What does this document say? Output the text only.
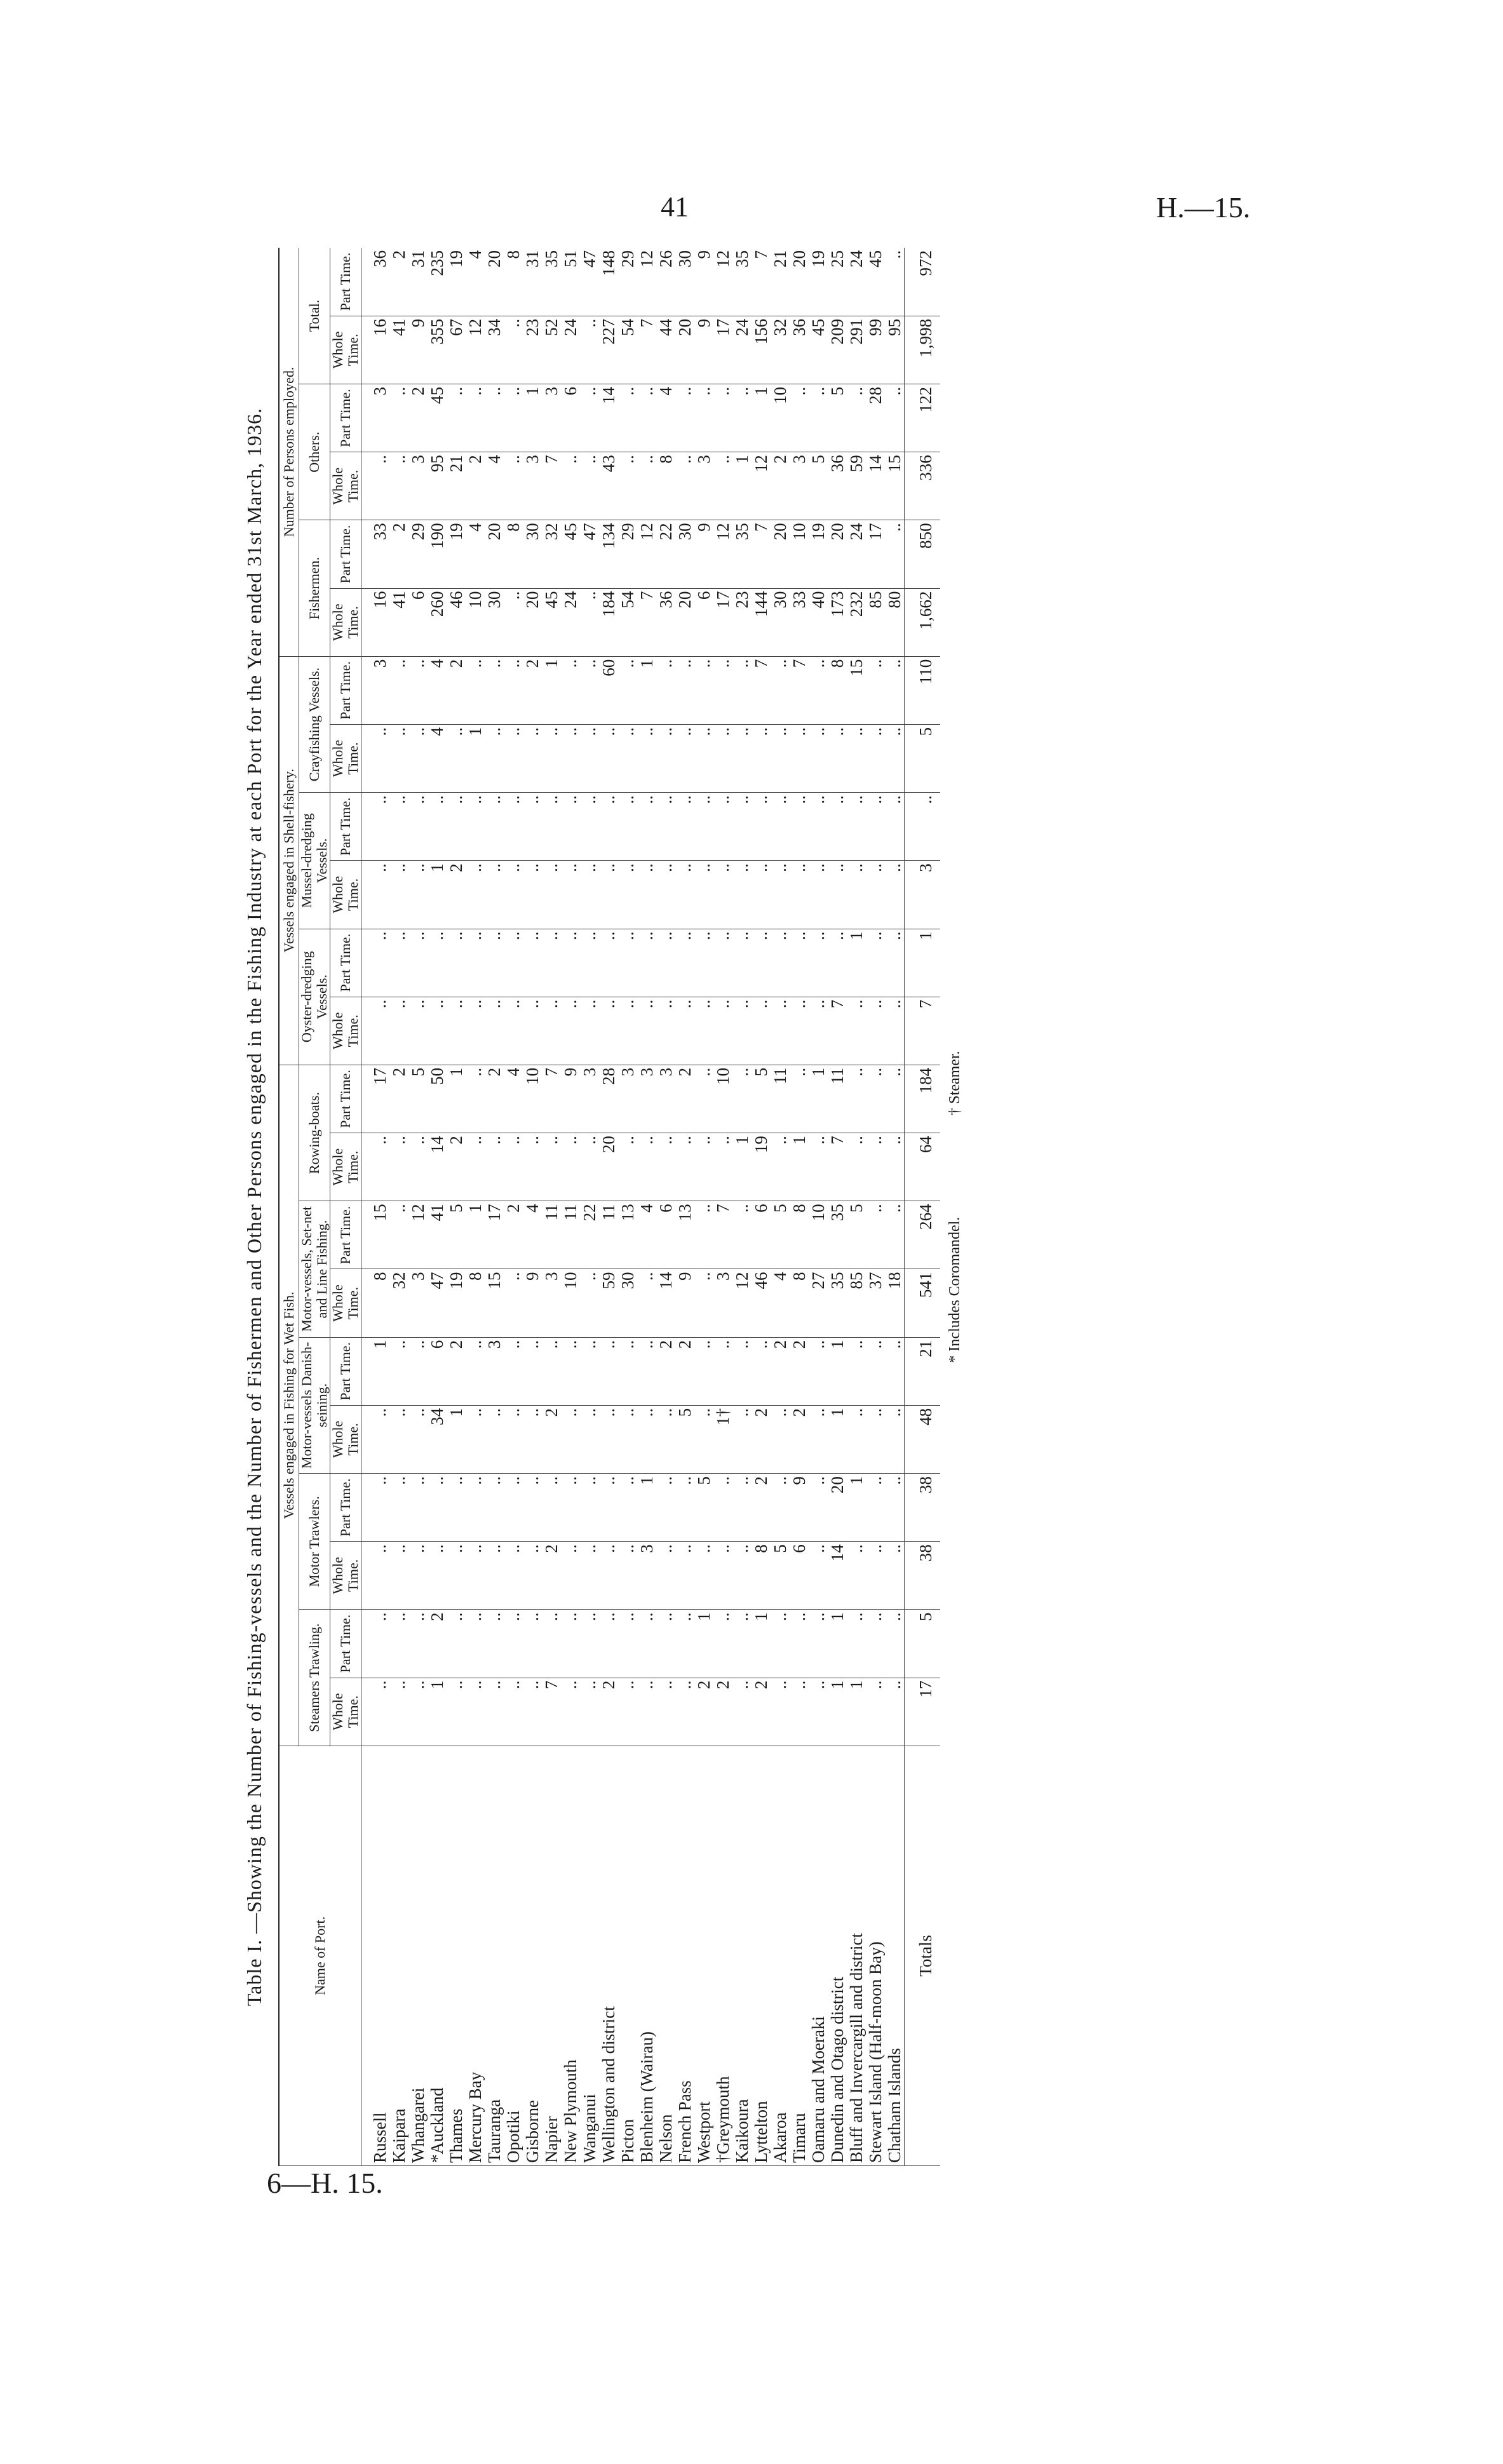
41	H.—15.

Table I. —Showing the Number of Fishing-vessels and the Number of Fishermen and Other Persons engaged in the Fishing Industry at each Port for the Year ended 31st March, 1936.	Name of Port.	Vessels engaged in Fishing for Wet Fish.										Vessels engaged in Shell-fishery.						Number of Persons employed.					
	Steamers Trawling.		Motor Trawlers.		Motor-vessels Danish-seining.		Motor-vessels, Set-net and Line Fishing.		Rowing-boats.		Oyster-dredging Vessels.		Mussel-dredging Vessels.		Crayfishing Vessels.		Fishermen.		Others.		Total.	
	Whole Time.	Part Time.	Whole Time.	Part Time.	Whole Time.	Part Time.	Whole Time.	Part Time.	Whole Time.	Part Time.	Whole Time.	Part Time.	Whole Time.	Part Time.	Whole Time.	Part Time.	Whole Time.	Part Time.	Whole Time.	Part Time.	Whole Time.	Part Time.
Russell	..	..	..	..	..	1	8	15	..	17	..	..	..	..	..	3	16	33	..	3	16	36
Kaipara	..	..	..	..	..	..	32	..	..	2	..	..	..	..	..	..	41	2	..	..	41	2
Whangarei	..	..	..	..	..	..	3	12	..	5	..	..	..	..	..	..	6	29	3	2	9	31
*Auckland	1	2	..	..	34	6	47	41	14	50	..	..	1	..	4	4	260	190	95	45	355	235
Thames	..	..	..	..	1	2	19	5	2	1	..	..	2	..	..	2	46	19	21	..	67	19
Mercury Bay	..	..	..	..	..	..	8	1	..	..	..	..	..	..	1	..	10	4	2	..	12	4
Tauranga	..	..	..	..	..	3	15	17	..	2	..	..	..	..	..	..	30	20	4	..	34	20
Opotiki	..	..	..	..	..	..	..	2	..	4	..	..	..	..	..	..	..	8	..	..	..	8
Gisborne	..	..	..	..	..	..	9	4	..	10	..	..	..	..	..	2	20	30	3	1	23	31
Napier	7	..	2	..	2	..	3	11	..	7	..	..	..	..	..	1	45	32	7	3	52	35
New Plymouth	..	..	..	..	..	..	10	11	..	9	..	..	..	..	..	..	24	45	..	6	24	51
Wanganui	..	..	..	..	..	..	..	22	..	3	..	..	..	..	..	..	..	47	..	..	..	47
Wellington and district	2	..	..	..	..	..	59	11	20	28	..	..	..	..	..	60	184	134	43	14	227	148
Picton	..	..	..	..	..	..	30	13	..	3	..	..	..	..	..	..	54	29	..	..	54	29
Blenheim (Wairau)	..	..	3	1	..	..	..	4	..	3	..	..	..	..	..	1	7	12	..	..	7	12
Nelson	..	..	..	..	..	2	14	6	..	3	..	..	..	..	..	..	36	22	8	4	44	26
French Pass	..	..	..	..	5	2	9	13	..	2	..	..	..	..	..	..	20	30	..	..	20	30
Westport	2	1	..	5	..	..	..	..	..	..	..	..	..	..	..	..	6	9	3	..	9	9
†Greymouth	2	..	..	..	1†	..	3	7	..	10	..	..	..	..	..	..	17	12	..	..	17	12
Kaikoura	..	..	..	..	..	..	12	..	1	..	..	..	..	..	..	..	23	35	1	..	24	35
Lyttelton	2	1	8	2	2	..	46	6	19	5	..	..	..	..	..	7	144	7	12	1	156	7
Akaroa	..	..	5	..	..	2	4	5	..	11	..	..	..	..	..	..	30	20	2	10	32	21
Timaru	..	..	6	9	2	2	8	8	1	..	..	..	..	..	..	7	33	10	3	..	36	20
Oamaru and Moeraki	..	..	..	..	..	..	27	10	..	1	..	..	..	..	..	..	40	19	5	..	45	19
Dunedin and Otago district	1	1	14	20	1	1	35	35	7	11	7	..	..	..	..	8	173	20	36	5	209	25
Bluff and Invercargill and district	1	..	..	1	..	..	85	5	..	..	..	1	..	..	..	15	232	24	59	..	291	24
Stewart Island (Half-moon Bay)	..	..	..	..	..	..	37	..	..	..	..	..	..	..	..	..	85	17	14	28	99	45
Chatham Islands	..	..	..	..	..	..	18	..	..	..	..	..	..	..	..	..	80	..	15	..	95	..
Totals	17	5	38	38	48	21	541	264	64	184	7	1	3	..	5	110	1,662	850	336	122	1,998	972
* Includes Coromandel.
† Steamer.
6—H. 15.
